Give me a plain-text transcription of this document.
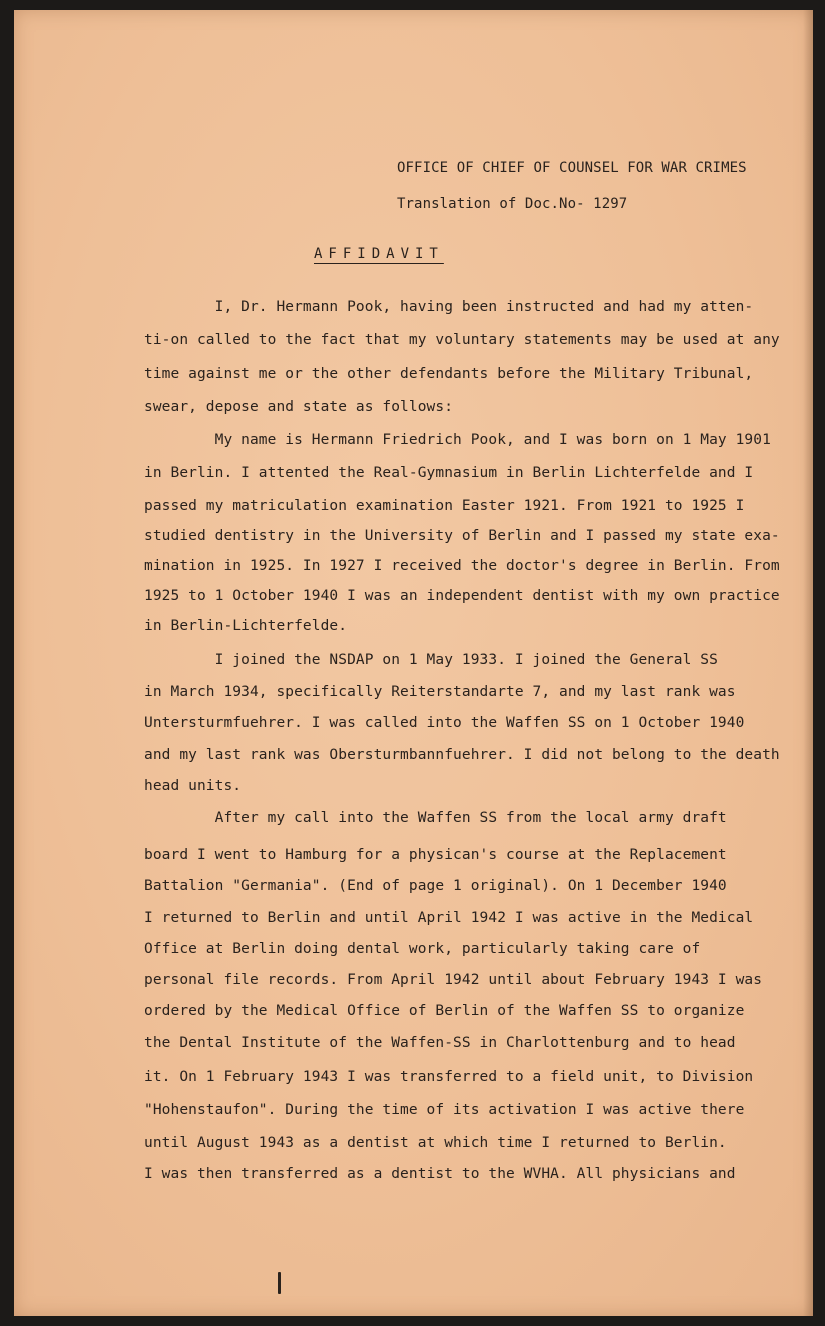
OFFICE OF CHIEF OF COUNSEL FOR WAR CRIMES
Translation of Doc.No- 1297
AFFIDAVIT
I, Dr. Hermann Pook, having been instructed and had my atten-
ti-on called to the fact that my voluntary statements may be used at any
time against me or the other defendants before the Military Tribunal,
swear, depose and state as follows:
My name is Hermann Friedrich Pook, and I was born on 1 May 1901
in Berlin. I attented the Real-Gymnasium in Berlin Lichterfelde and I
passed my matriculation examination Easter 1921. From 1921 to 1925 I
studied dentistry in the University of Berlin and I passed my state exa-
mination in 1925. In 1927 I received the doctor's degree in Berlin. From
1925 to 1 October 1940 I was an independent dentist with my own practice
in Berlin-Lichterfelde.
I joined the NSDAP on 1 May 1933. I joined the General SS
in March 1934, specifically Reiterstandarte 7, and my last rank was
Untersturmfuehrer. I was called into the Waffen SS on 1 October 1940
and my last rank was Obersturmbannfuehrer. I did not belong to the death
head units.
After my call into the Waffen SS from the local army draft
board I went to Hamburg for a physican's course at the Replacement
Battalion "Germania". (End of page 1 original). On 1 December 1940
I returned to Berlin and until April 1942 I was active in the Medical
Office at Berlin doing dental work, particularly taking care of
personal file records. From April 1942 until about February 1943 I was
ordered by the Medical Office of Berlin of the Waffen SS to organize
the Dental Institute of the Waffen-SS in Charlottenburg and to head
it. On 1 February 1943 I was transferred to a field unit, to Division
"Hohenstaufon". During the time of its activation I was active there
until August 1943 as a dentist at which time I returned to Berlin.
I was then transferred as a dentist to the WVHA. All physicians and
